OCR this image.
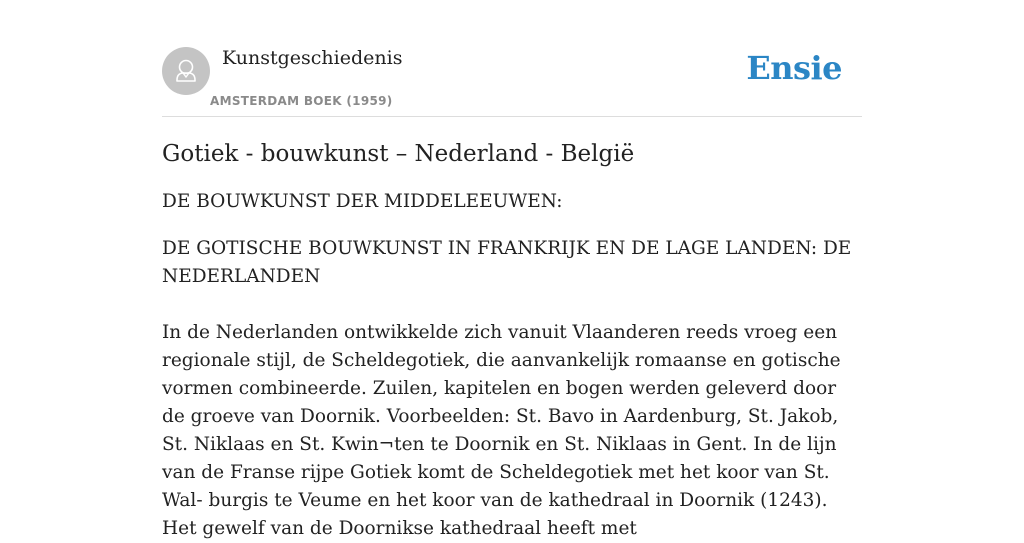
Kunstgeschiedenis
AMSTERDAM BOEK (1959)
Ensie
Gotiek - bouwkunst – Nederland - België

DE BOUWKUNST DER MIDDELEEUWEN:

DE GOTISCHE BOUWKUNST IN FRANKRIJK EN DE LAGE LANDEN: DE NEDERLANDEN

In de Nederlanden ontwikkelde zich vanuit Vlaanderen reeds vroeg een regionale stijl, de Scheldegotiek, die aanvankelijk romaanse en gotische vormen combineerde. Zuilen, kapitelen en bogen werden geleverd door de groeve van Doornik. Voorbeelden: St. Bavo in Aardenburg, St. Jakob, St. Niklaas en St. Kwin¬ten te Doornik en St. Niklaas in Gent. In de lijn van de Franse rijpe Gotiek komt de Scheldegotiek met het koor van St. Wal- burgis te Veume en het koor van de kathedraal in Doornik (1243). Het gewelf van de Doornikse kathedraal heeft met
